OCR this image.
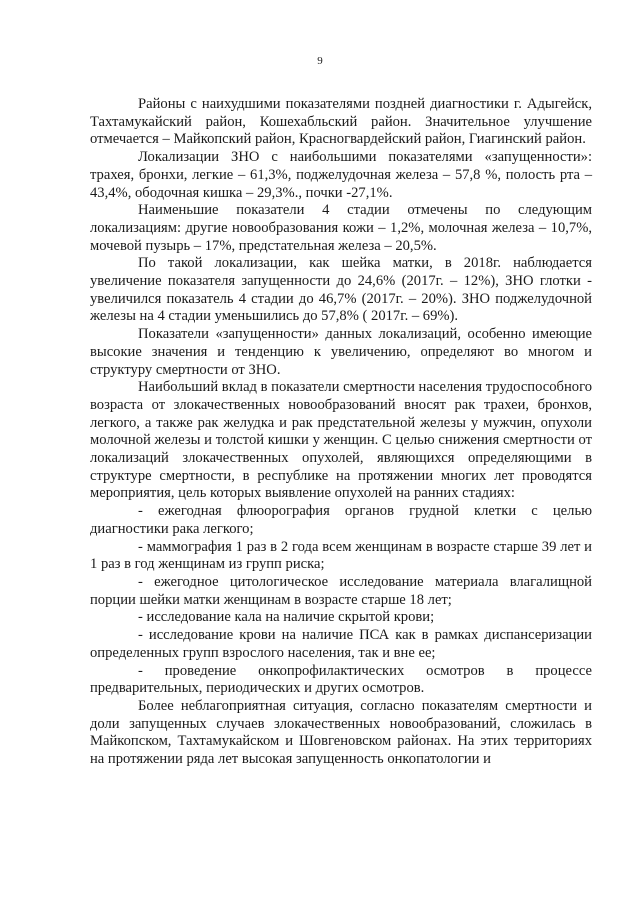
9

Районы с наихудшими показателями поздней диагностики г. Адыгейск, Тахтамукайский район, Кошехабльский район. Значительное улучшение отмечается – Майкопский район, Красногвардейский район, Гиагинский район.

Локализации ЗНО с наибольшими показателями «запущенности»: трахея, бронхи, легкие – 61,3%, поджелудочная железа – 57,8 %, полость рта – 43,4%, ободочная кишка – 29,3%., почки -27,1%.

Наименьшие показатели 4 стадии отмечены по следующим локализациям: другие новообразования кожи – 1,2%, молочная железа – 10,7%, мочевой пузырь – 17%, предстательная железа – 20,5%.

По такой локализации, как шейка матки, в 2018г. наблюдается увеличение показателя запущенности до 24,6% (2017г. – 12%), ЗНО глотки - увеличился показатель 4 стадии до 46,7% (2017г. – 20%). ЗНО поджелудочной железы на 4 стадии уменьшились до 57,8% ( 2017г. – 69%).

Показатели «запущенности» данных локализаций, особенно имеющие высокие значения и тенденцию к увеличению, определяют во многом и структуру смертности от ЗНО.

Наибольший вклад в показатели смертности населения трудоспособного возраста от злокачественных новообразований вносят рак трахеи, бронхов, легкого, а также рак желудка и рак предстательной железы у мужчин, опухоли молочной железы и толстой кишки у женщин. С целью снижения смертности от локализаций злокачественных опухолей, являющихся определяющими в структуре смертности, в республике на протяжении многих лет проводятся мероприятия, цель которых выявление опухолей на ранних стадиях:

- ежегодная флюорография органов грудной клетки с целью диагностики рака легкого;

- маммография 1 раз в 2 года всем женщинам в возрасте старше 39 лет и 1 раз в год женщинам из групп риска;

- ежегодное цитологическое исследование материала влагалищной порции шейки матки женщинам в возрасте старше 18 лет;

- исследование кала на наличие скрытой крови;

- исследование крови на наличие ПСА как в рамках диспансеризации определенных групп взрослого населения, так и вне ее;

- проведение онкопрофилактических осмотров в процессе предварительных, периодических и других осмотров.

Более неблагоприятная ситуация, согласно показателям смертности и доли запущенных случаев злокачественных новообразований, сложилась в Майкопском, Тахтамукайском и Шовгеновском районах. На этих территориях на протяжении ряда лет высокая запущенность онкопатологии и
